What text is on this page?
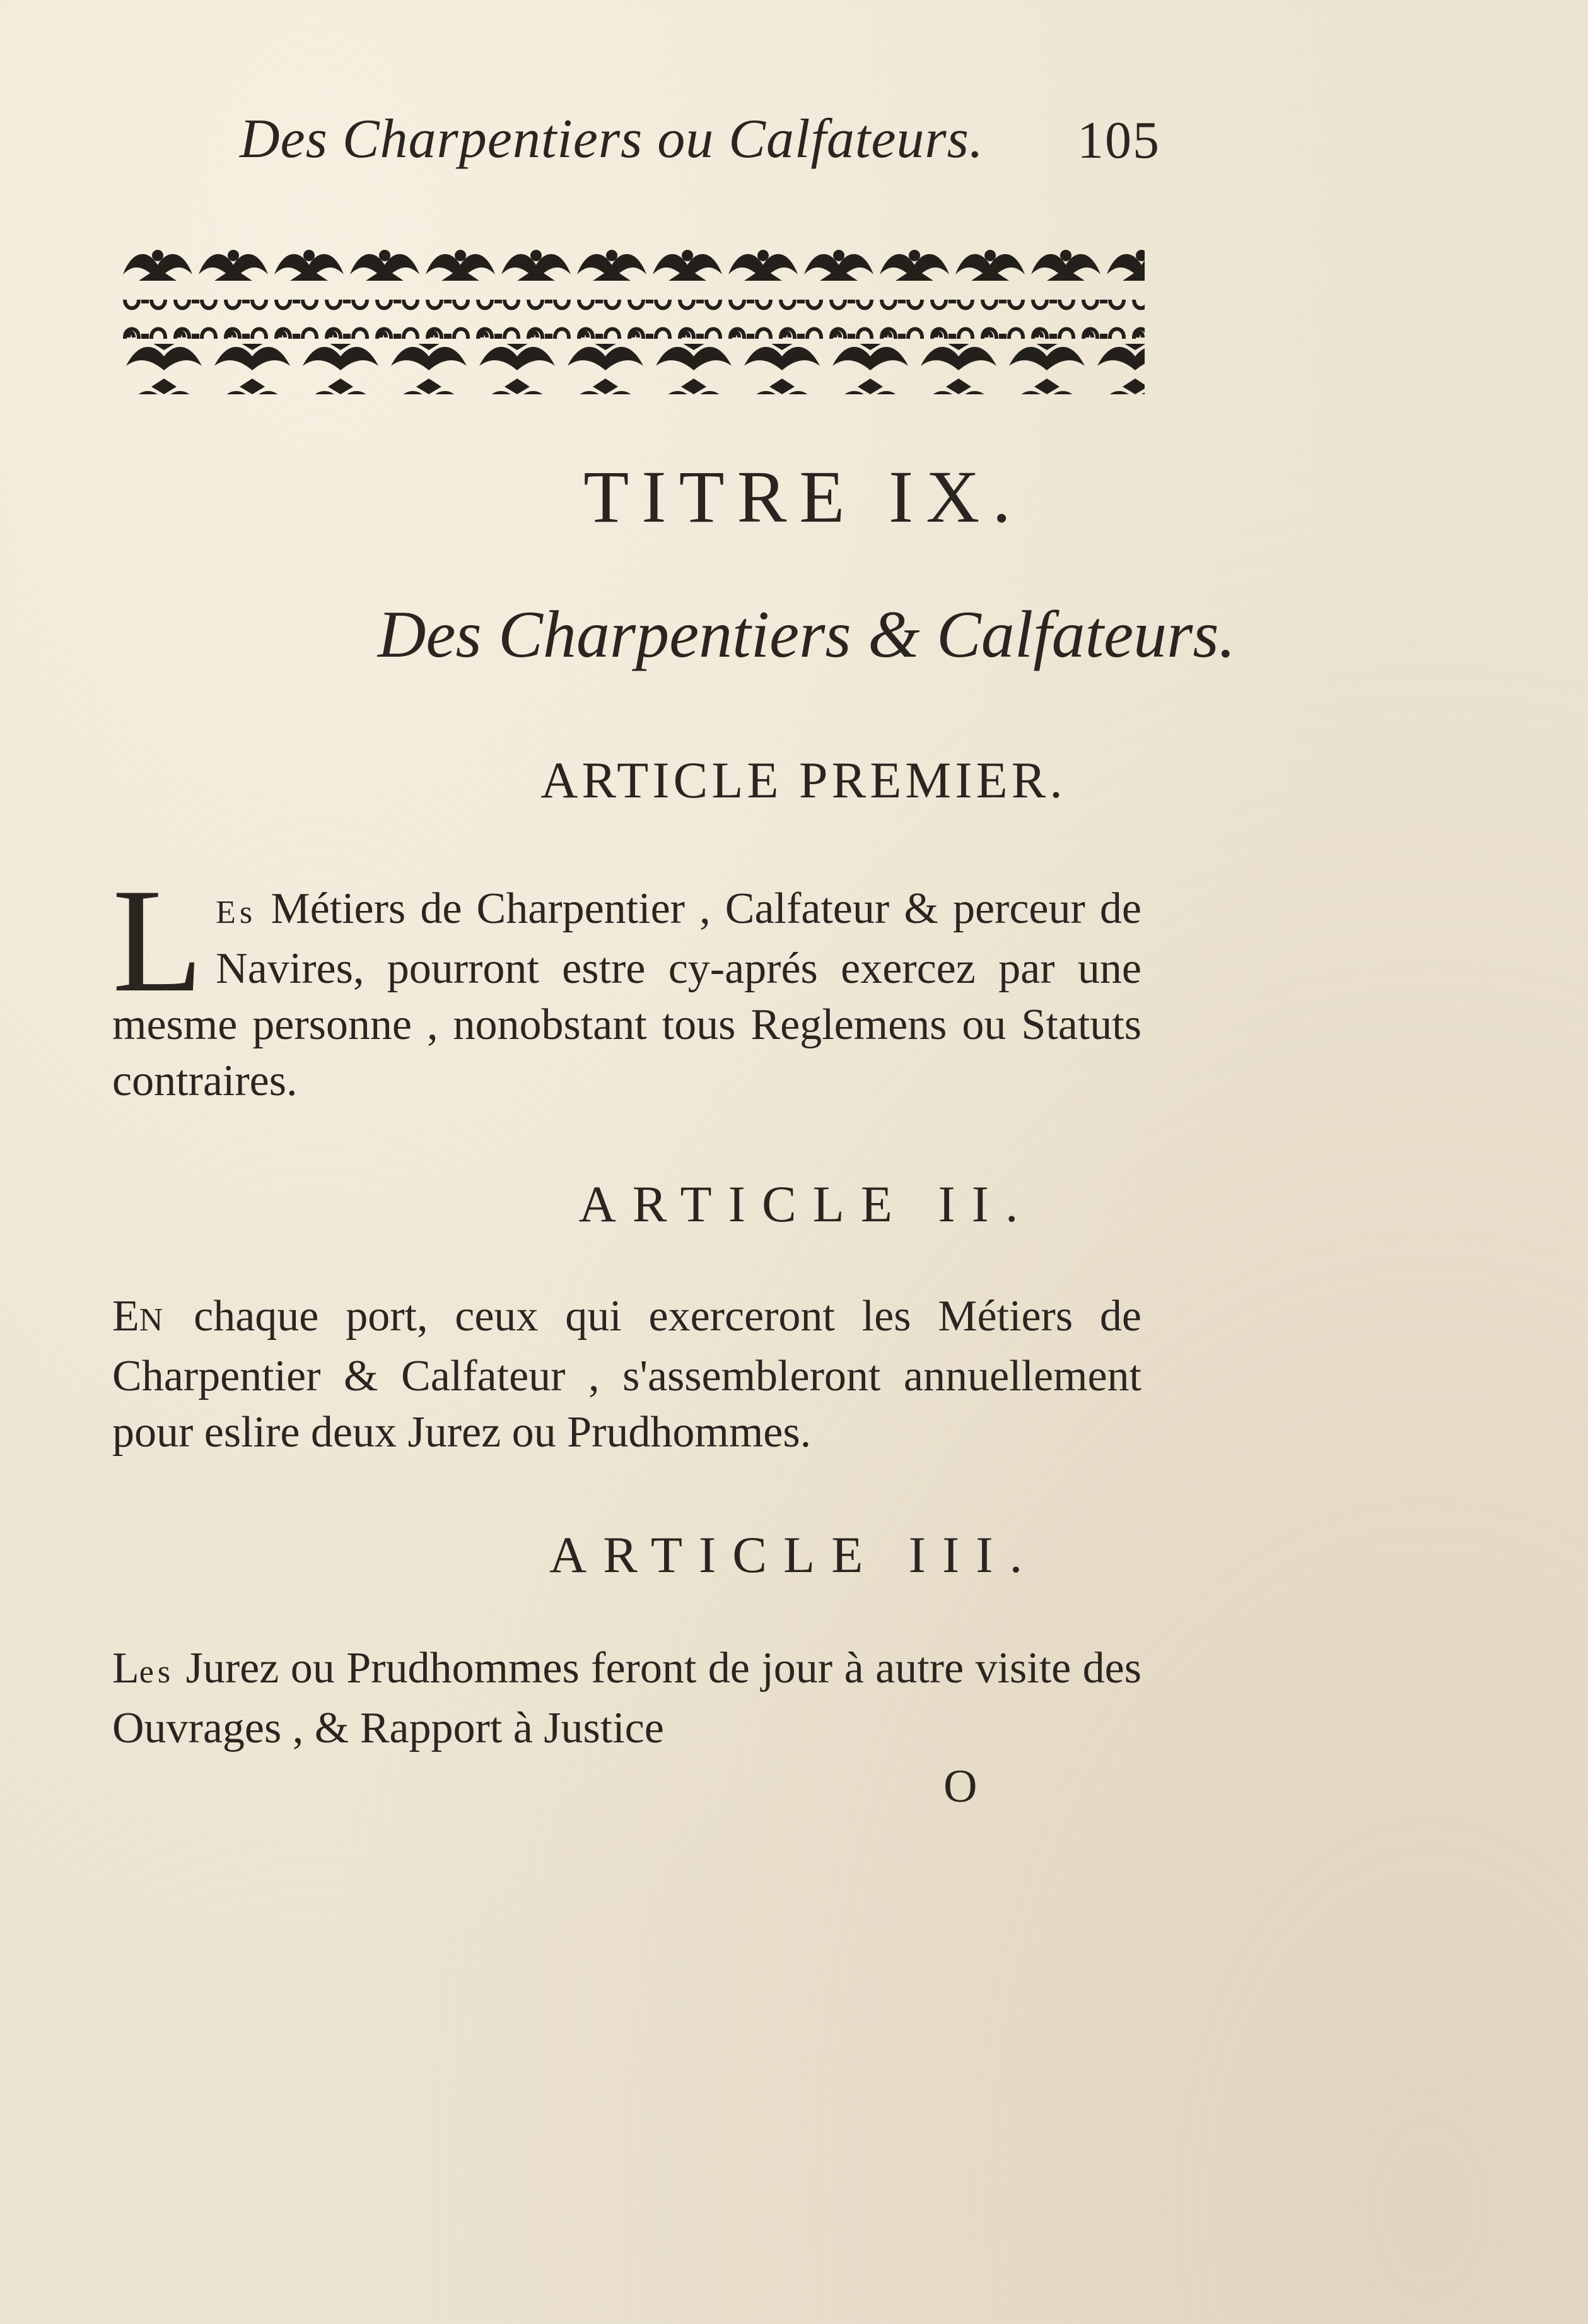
Des Charpentiers ou Calfateurs. 105
TITRE IX.
Des Charpentiers & Calfateurs.
ARTICLE PREMIER.
L Es Métiers de Charpentier , Calfateur & perceur de Navires, pourront estre cy-aprés exercez par une mesme personne , nonobstant tous Reglemens ou Statuts contraires.
ARTICLE II.
EN chaque port, ceux qui exerceront les Métiers de Charpentier & Calfateur , s'assembleront annuellement pour eslire deux Jurez ou Prudhommes.
ARTICLE III.
Les Jurez ou Prudhommes feront de jour à autre visite des Ouvrages , & Rapport à Justice
O
